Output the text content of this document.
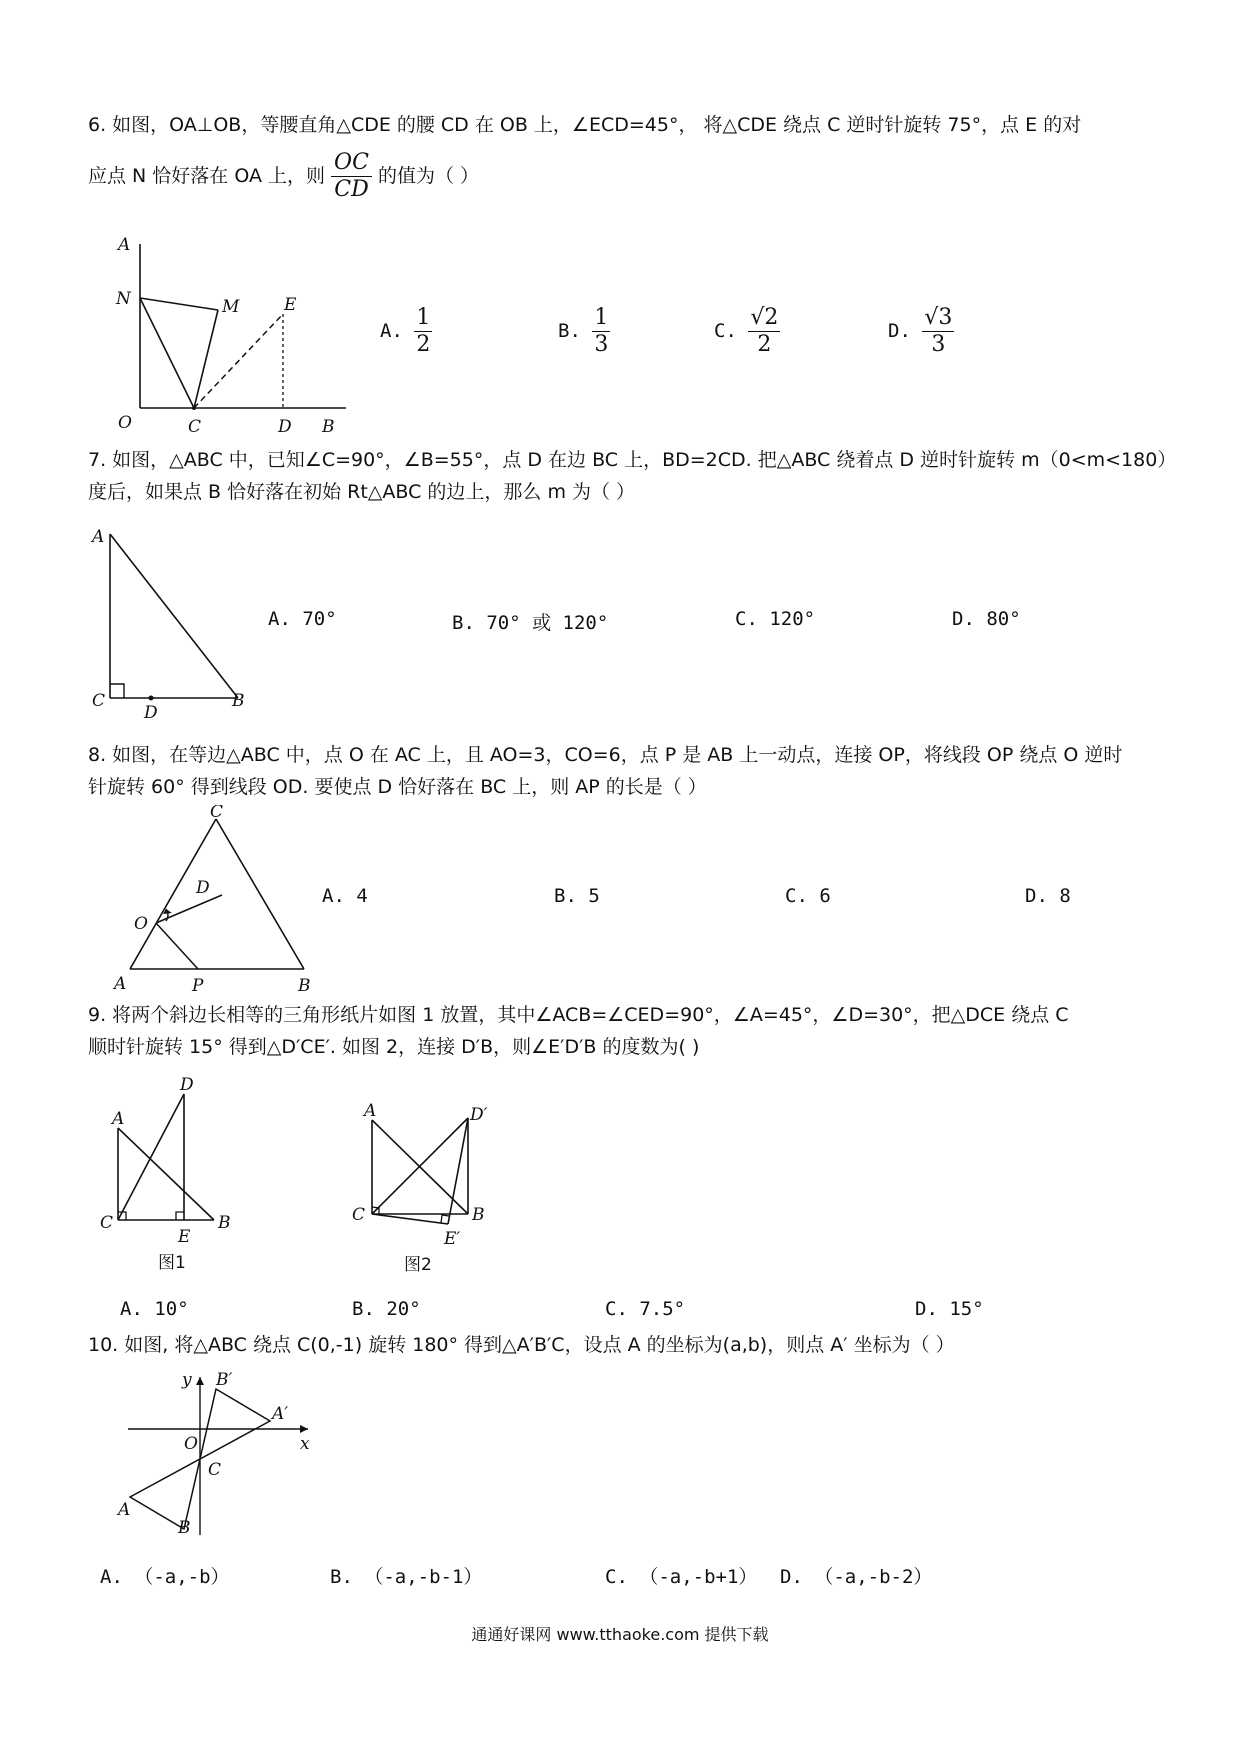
6. 如图，OA⊥OB，等腰直角△CDE 的腰 CD 在 OB 上，∠ECD=45°， 将△CDE 绕点 C 逆时针旋转 75°，点 E 的对
应点 N 恰好落在 OA 上，则 $\frac{OC}{CD}$ 的值为（ ）
A
N	M	E
O	C	D B
A. $\frac{1}{2}$	B. $\frac{1}{3}$	C. $\frac{√2}{2}$	D. $\frac{√3}{3}$
7. 如图，△ABC 中，已知∠C=90°，∠B=55°，点 D 在边 BC 上，BD=2CD. 把△ABC 绕着点 D 逆时针旋转 m（0<m<180）
度后，如果点 B 恰好落在初始 Rt△ABC 的边上，那么 m 为（ ）
A
C
D
B
A. 70°	B. 70° 或 120°	C. 120°	D. 80°
8. 如图，在等边△ABC 中，点 O 在 AC 上，且 AO=3，CO=6，点 P 是 AB 上一动点，连接 OP，将线段 OP 绕点 O 逆时
针旋转 60° 得到线段 OD. 要使点 D 恰好落在 BC 上，则 AP 的长是（ ）
C
D
O
A	P	B
A. 4	B. 5	C. 6	D. 8
9. 将两个斜边长相等的三角形纸片如图 1 放置，其中∠ACB=∠CED=90°，∠A=45°，∠D=30°，把△DCE 绕点 C
顺时针旋转 15° 得到△D′CE′. 如图 2，连接 D′B，则∠E′D′B 的度数为( )
A
D
C
E
B
图1
A	D′
C
E′
B
图2
A. 10°	B. 20°	C. 7.5°	D. 15°
10. 如图, 将△ABC 绕点 C(0,-1) 旋转 180° 得到△A′B′C，设点 A 的坐标为(a,b)，则点 A′ 坐标为（ ）
y B′
A′
O	x
C
A
B
A. （-a,-b）	B. （-a,-b-1）	C. （-a,-b+1） D. （-a,-b-2）
通通好课网 www.tthaoke.com 提供下载
